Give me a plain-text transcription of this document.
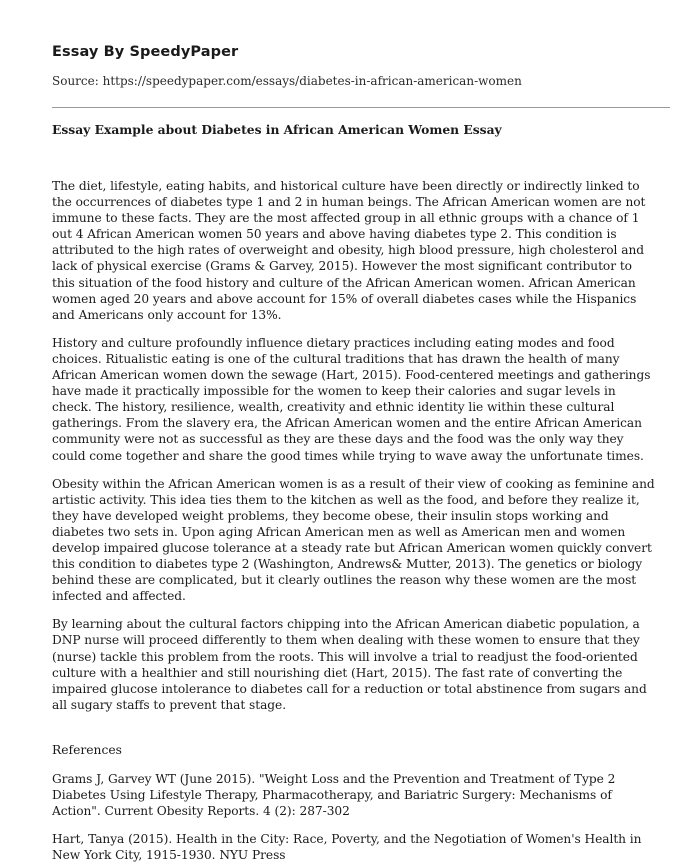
Essay By SpeedyPaper
Source: https://speedypaper.com/essays/diabetes-in-african-american-women
Essay Example about Diabetes in African American Women Essay

The diet, lifestyle, eating habits, and historical culture have been directly or indirectly linked to the occurrences of diabetes type 1 and 2 in human beings. The African American women are not immune to these facts. They are the most affected group in all ethnic groups with a chance of 1 out 4 African American women 50 years and above having diabetes type 2. This condition is attributed to the high rates of overweight and obesity, high blood pressure, high cholesterol and lack of physical exercise (Grams & Garvey, 2015). However the most significant contributor to this situation of the food history and culture of the African American women. African American women aged 20 years and above account for 15% of overall diabetes cases while the Hispanics and Americans only account for 13%.

History and culture profoundly influence dietary practices including eating modes and food choices. Ritualistic eating is one of the cultural traditions that has drawn the health of many African American women down the sewage (Hart, 2015). Food-centered meetings and gatherings have made it practically impossible for the women to keep their calories and sugar levels in check. The history, resilience, wealth, creativity and ethnic identity lie within these cultural gatherings. From the slavery era, the African American women and the entire African American community were not as successful as they are these days and the food was the only way they could come together and share the good times while trying to wave away the unfortunate times.

Obesity within the African American women is as a result of their view of cooking as feminine and artistic activity. This idea ties them to the kitchen as well as the food, and before they realize it, they have developed weight problems, they become obese, their insulin stops working and diabetes two sets in. Upon aging African American men as well as American men and women develop impaired glucose tolerance at a steady rate but African American women quickly convert this condition to diabetes type 2 (Washington, Andrews& Mutter, 2013). The genetics or biology behind these are complicated, but it clearly outlines the reason why these women are the most infected and affected.

By learning about the cultural factors chipping into the African American diabetic population, a DNP nurse will proceed differently to them when dealing with these women to ensure that they (nurse) tackle this problem from the roots. This will involve a trial to readjust the food-oriented culture with a healthier and still nourishing diet (Hart, 2015). The fast rate of converting the impaired glucose intolerance to diabetes call for a reduction or total abstinence from sugars and all sugary staffs to prevent that stage.

References
Grams J, Garvey WT (June 2015). "Weight Loss and the Prevention and Treatment of Type 2 Diabetes Using Lifestyle Therapy, Pharmacotherapy, and Bariatric Surgery: Mechanisms of Action". Current Obesity Reports. 4 (2): 287-302
Hart, Tanya (2015). Health in the City: Race, Poverty, and the Negotiation of Women's Health in New York City, 1915-1930. NYU Press
